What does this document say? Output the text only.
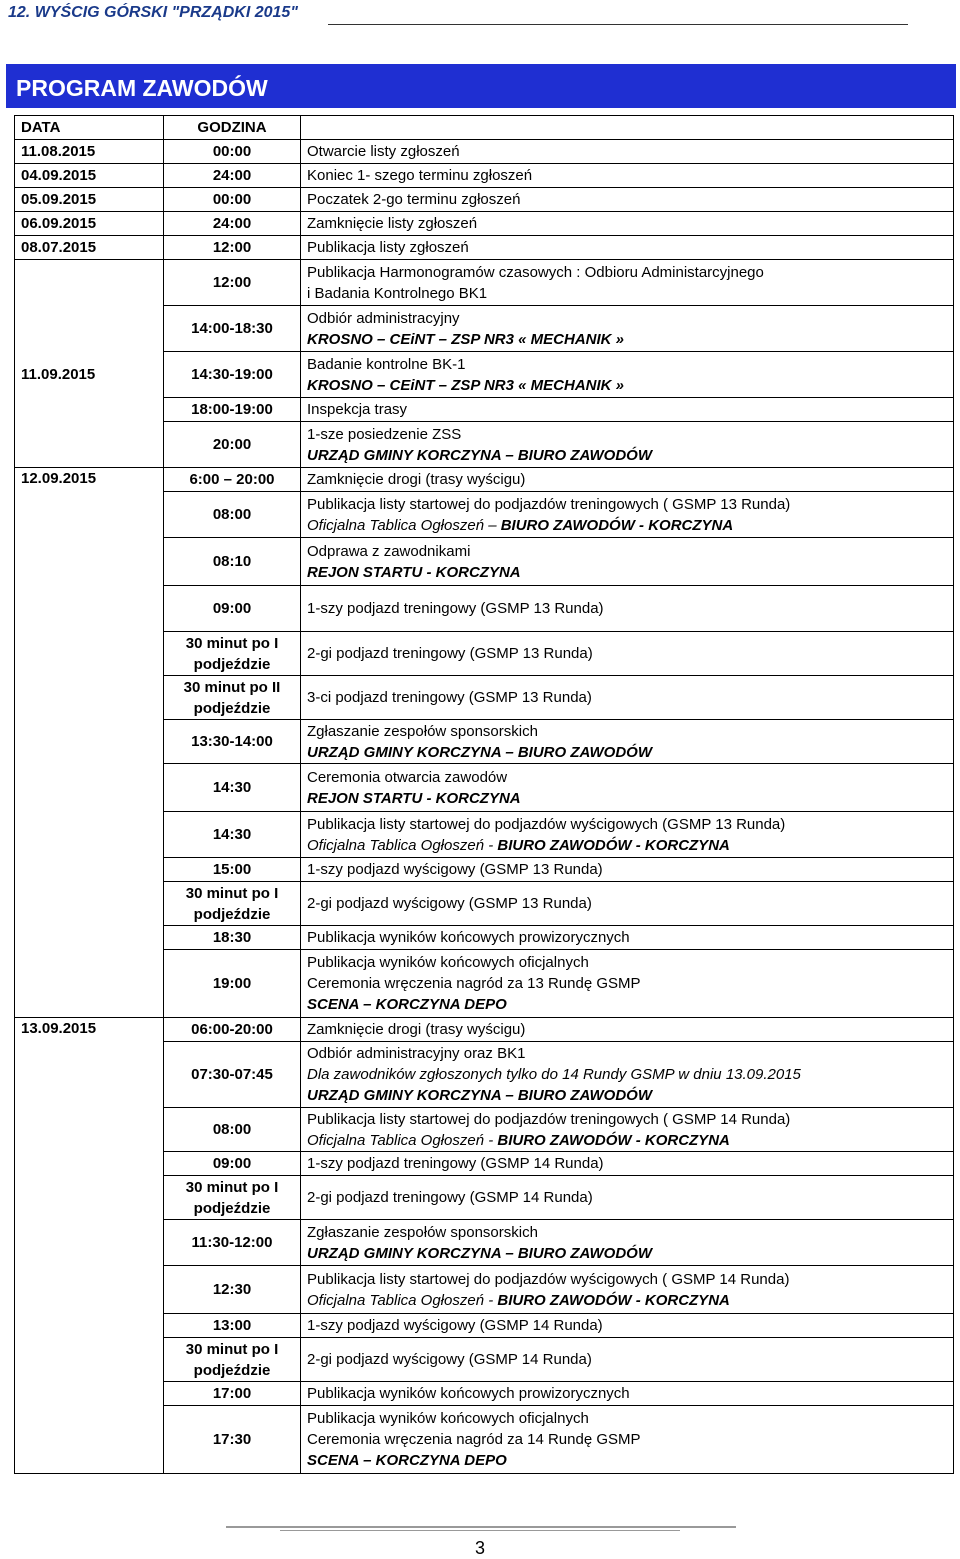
12. WYŚCIG GÓRSKI "PRZĄDKI 2015"
PROGRAM ZAWODÓW
DATA	GODZINA	
11.08.2015	00:00	Otwarcie listy zgłoszeń
04.09.2015	24:00	Koniec 1- szego terminu zgłoszeń
05.09.2015	00:00	Poczatek 2-go terminu zgłoszeń
06.09.2015	24:00	Zamknięcie listy zgłoszeń
08.07.2015	12:00	Publikacja listy zgłoszeń
	12:00	Publikacja Harmonogramów czasowych : Odbioru Administarcyjnego
i Badania Kontrolnego BK1

	14:00-18:30	Odbiór administracyjny
KROSNO – CEiNT – ZSP NR3 « MECHANIK »

11.09.2015	14:30-19:00	Badanie kontrolne BK-1
KROSNO – CEiNT – ZSP NR3 « MECHANIK »

	18:00-19:00	Inspekcja trasy

	20:00	1-sze posiedzenie ZSS
URZĄD GMINY KORCZYNA – BIURO ZAWODÓW

12.09.2015	6:00 – 20:00	Zamknięcie drogi (trasy wyścigu)

	08:00	Publikacja listy startowej do podjazdów treningowych ( GSMP 13 Runda)
Oficjalna Tablica Ogłoszeń – BIURO ZAWODÓW - KORCZYNA

	08:10	Odprawa z zawodnikami
REJON STARTU - KORCZYNA

	09:00	1-szy podjazd treningowy (GSMP 13 Runda)

	30 minut po I podjeździe	2-gi podjazd treningowy (GSMP 13 Runda)

	30 minut po II podjeździe	3-ci podjazd treningowy (GSMP 13 Runda)

	13:30-14:00	Zgłaszanie zespołów sponsorskich
URZĄD GMINY KORCZYNA – BIURO ZAWODÓW

	14:30	Ceremonia otwarcia zawodów
REJON STARTU - KORCZYNA

	14:30	Publikacja listy startowej do podjazdów wyścigowych (GSMP 13 Runda)
Oficjalna Tablica Ogłoszeń - BIURO ZAWODÓW - KORCZYNA

	15:00	1-szy podjazd wyścigowy (GSMP 13 Runda)

	30 minut po I podjeździe	2-gi podjazd wyścigowy (GSMP 13 Runda)

	18:30	Publikacja wyników końcowych prowizorycznych

	19:00	Publikacja wyników końcowych oficjalnych
Ceremonia wręczenia nagród za 13 Rundę GSMP
SCENA – KORCZYNA DEPO

13.09.2015	06:00-20:00	Zamknięcie drogi (trasy wyścigu)

	07:30-07:45	Odbiór administracyjny oraz BK1
Dla zawodników zgłoszonych tylko do 14 Rundy GSMP w dniu 13.09.2015
URZĄD GMINY KORCZYNA – BIURO ZAWODÓW

	08:00	Publikacja listy startowej do podjazdów treningowych ( GSMP 14 Runda)
Oficjalna Tablica Ogłoszeń - BIURO ZAWODÓW - KORCZYNA

	09:00	1-szy podjazd treningowy (GSMP 14 Runda)

	30 minut po I podjeździe	2-gi podjazd treningowy (GSMP 14 Runda)

	11:30-12:00	Zgłaszanie zespołów sponsorskich
URZĄD GMINY KORCZYNA – BIURO ZAWODÓW

	12:30	Publikacja listy startowej do podjazdów wyścigowych ( GSMP 14 Runda)
Oficjalna Tablica Ogłoszeń - BIURO ZAWODÓW - KORCZYNA

	13:00	1-szy podjazd wyścigowy (GSMP 14 Runda)

	30 minut po I podjeździe	2-gi podjazd wyścigowy (GSMP 14 Runda)

	17:00	Publikacja wyników końcowych prowizorycznych

	17:30	Publikacja wyników końcowych oficjalnych
Ceremonia wręczenia nagród za 14 Rundę GSMP
SCENA – KORCZYNA DEPO
3
